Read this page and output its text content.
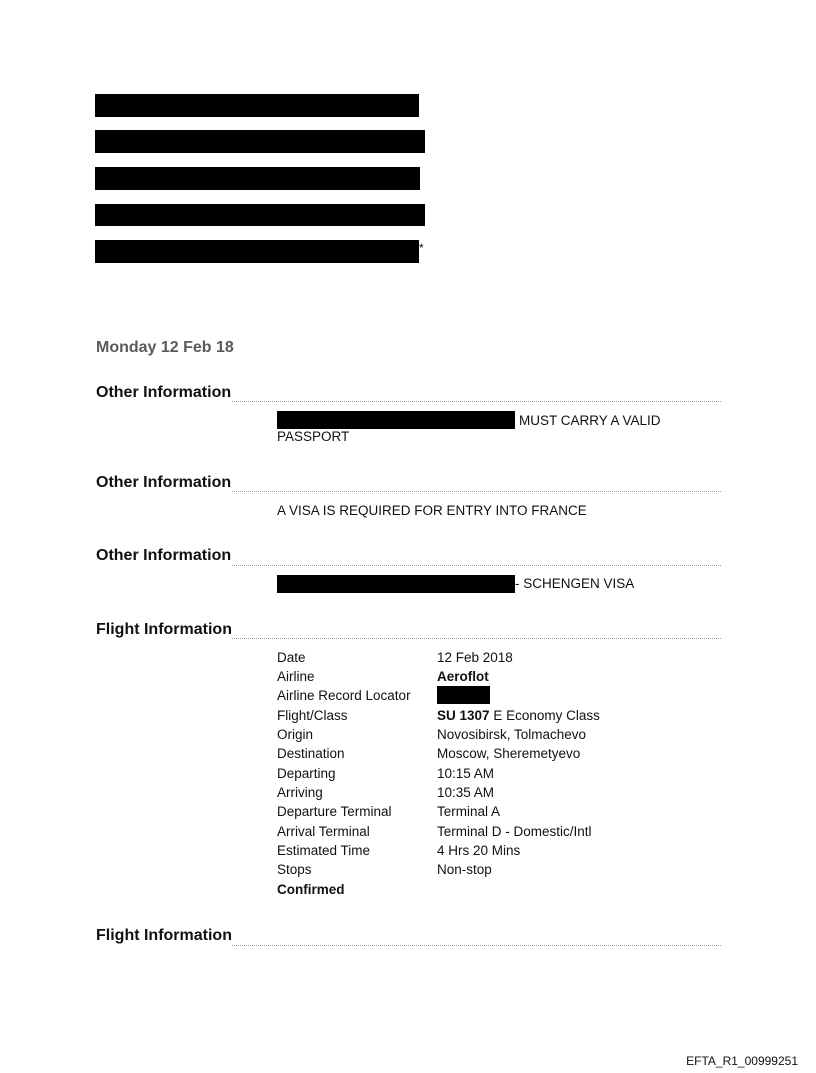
*
Monday 12 Feb 18
Other Information
MUST CARRY A VALID
PASSPORT
Other Information
A VISA IS REQUIRED FOR ENTRY INTO FRANCE
Other Information
- SCHENGEN VISA
Flight Information
Date	12 Feb 2018
Airline	Aeroflot
Airline Record Locator
Flight/Class	SU 1307 E Economy Class
Origin	Novosibirsk, Tolmachevo
Destination	Moscow, Sheremetyevo
Departing	10:15 AM
Arriving	10:35 AM
Departure Terminal	Terminal A
Arrival Terminal	Terminal D - Domestic/Intl
Estimated Time	4 Hrs 20 Mins
Stops	Non-stop
Confirmed
Flight Information
EFTA_R1_00999251
